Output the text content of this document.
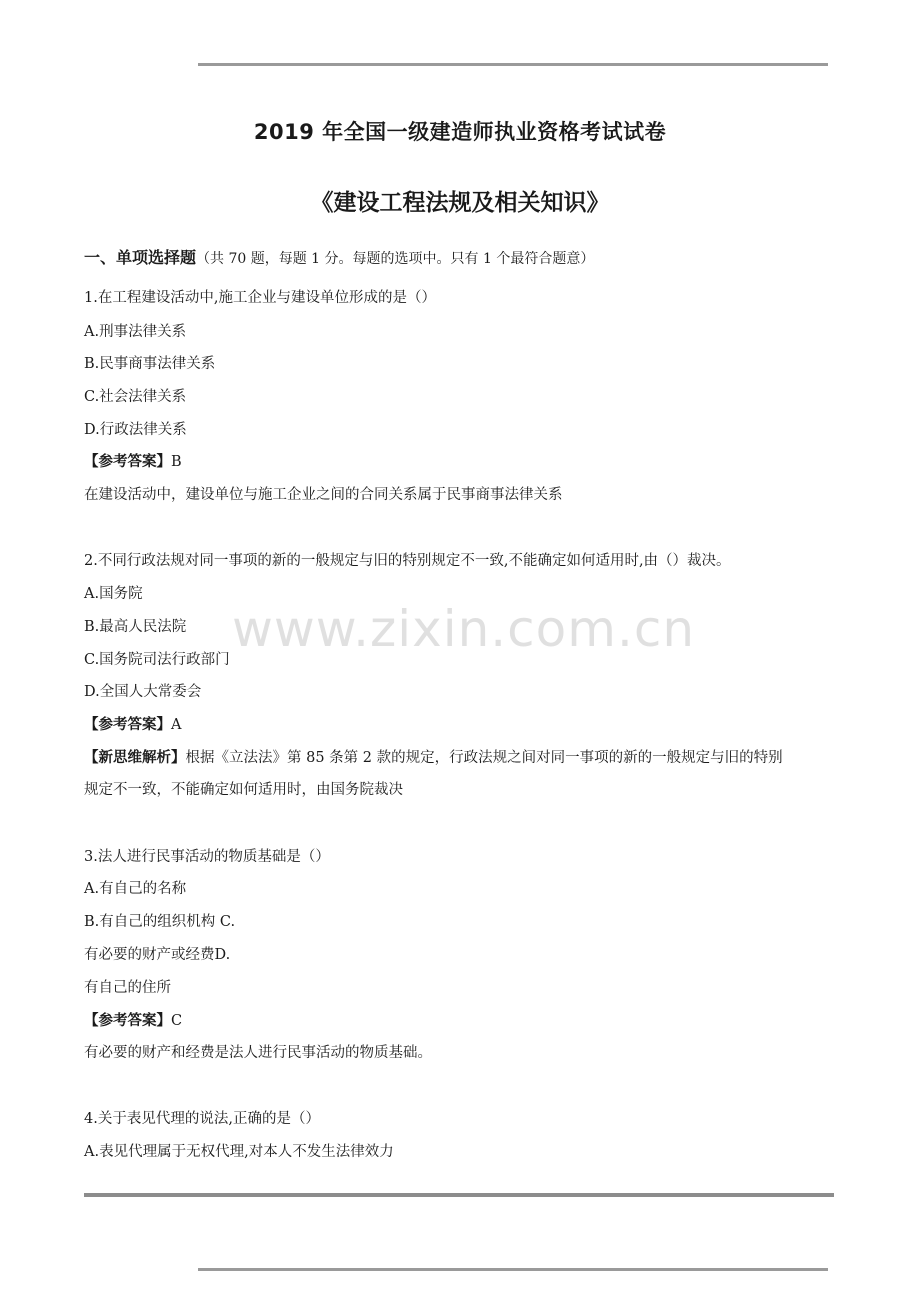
2019 年全国一级建造师执业资格考试试卷
《建设工程法规及相关知识》
一、单项选择题（共 70 题，每题 1 分。每题的选项中。只有 1 个最符合题意）
1.在工程建设活动中,施工企业与建设单位形成的是（）
A.刑事法律关系
B.民事商事法律关系
C.社会法律关系
D.行政法律关系
【参考答案】B
在建设活动中，建设单位与施工企业之间的合同关系属于民事商事法律关系
2.不同行政法规对同一事项的新的一般规定与旧的特别规定不一致,不能确定如何适用时,由（）裁决。
A.国务院
B.最高人民法院
C.国务院司法行政部门
D.全国人大常委会
【参考答案】A
【新思维解析】根据《立法法》第 85 条第 2 款的规定，行政法规之间对同一事项的新的一般规定与旧的特别
规定不一致，不能确定如何适用时，由国务院裁决
3.法人进行民事活动的物质基础是（）
A.有自己的名称
B.有自己的组织机构 C.
有必要的财产或经费D.
有自己的住所
【参考答案】C
有必要的财产和经费是法人进行民事活动的物质基础。
4.关于表见代理的说法,正确的是（）
A.表见代理属于无权代理,对本人不发生法律效力
www.zixin.com.cn
